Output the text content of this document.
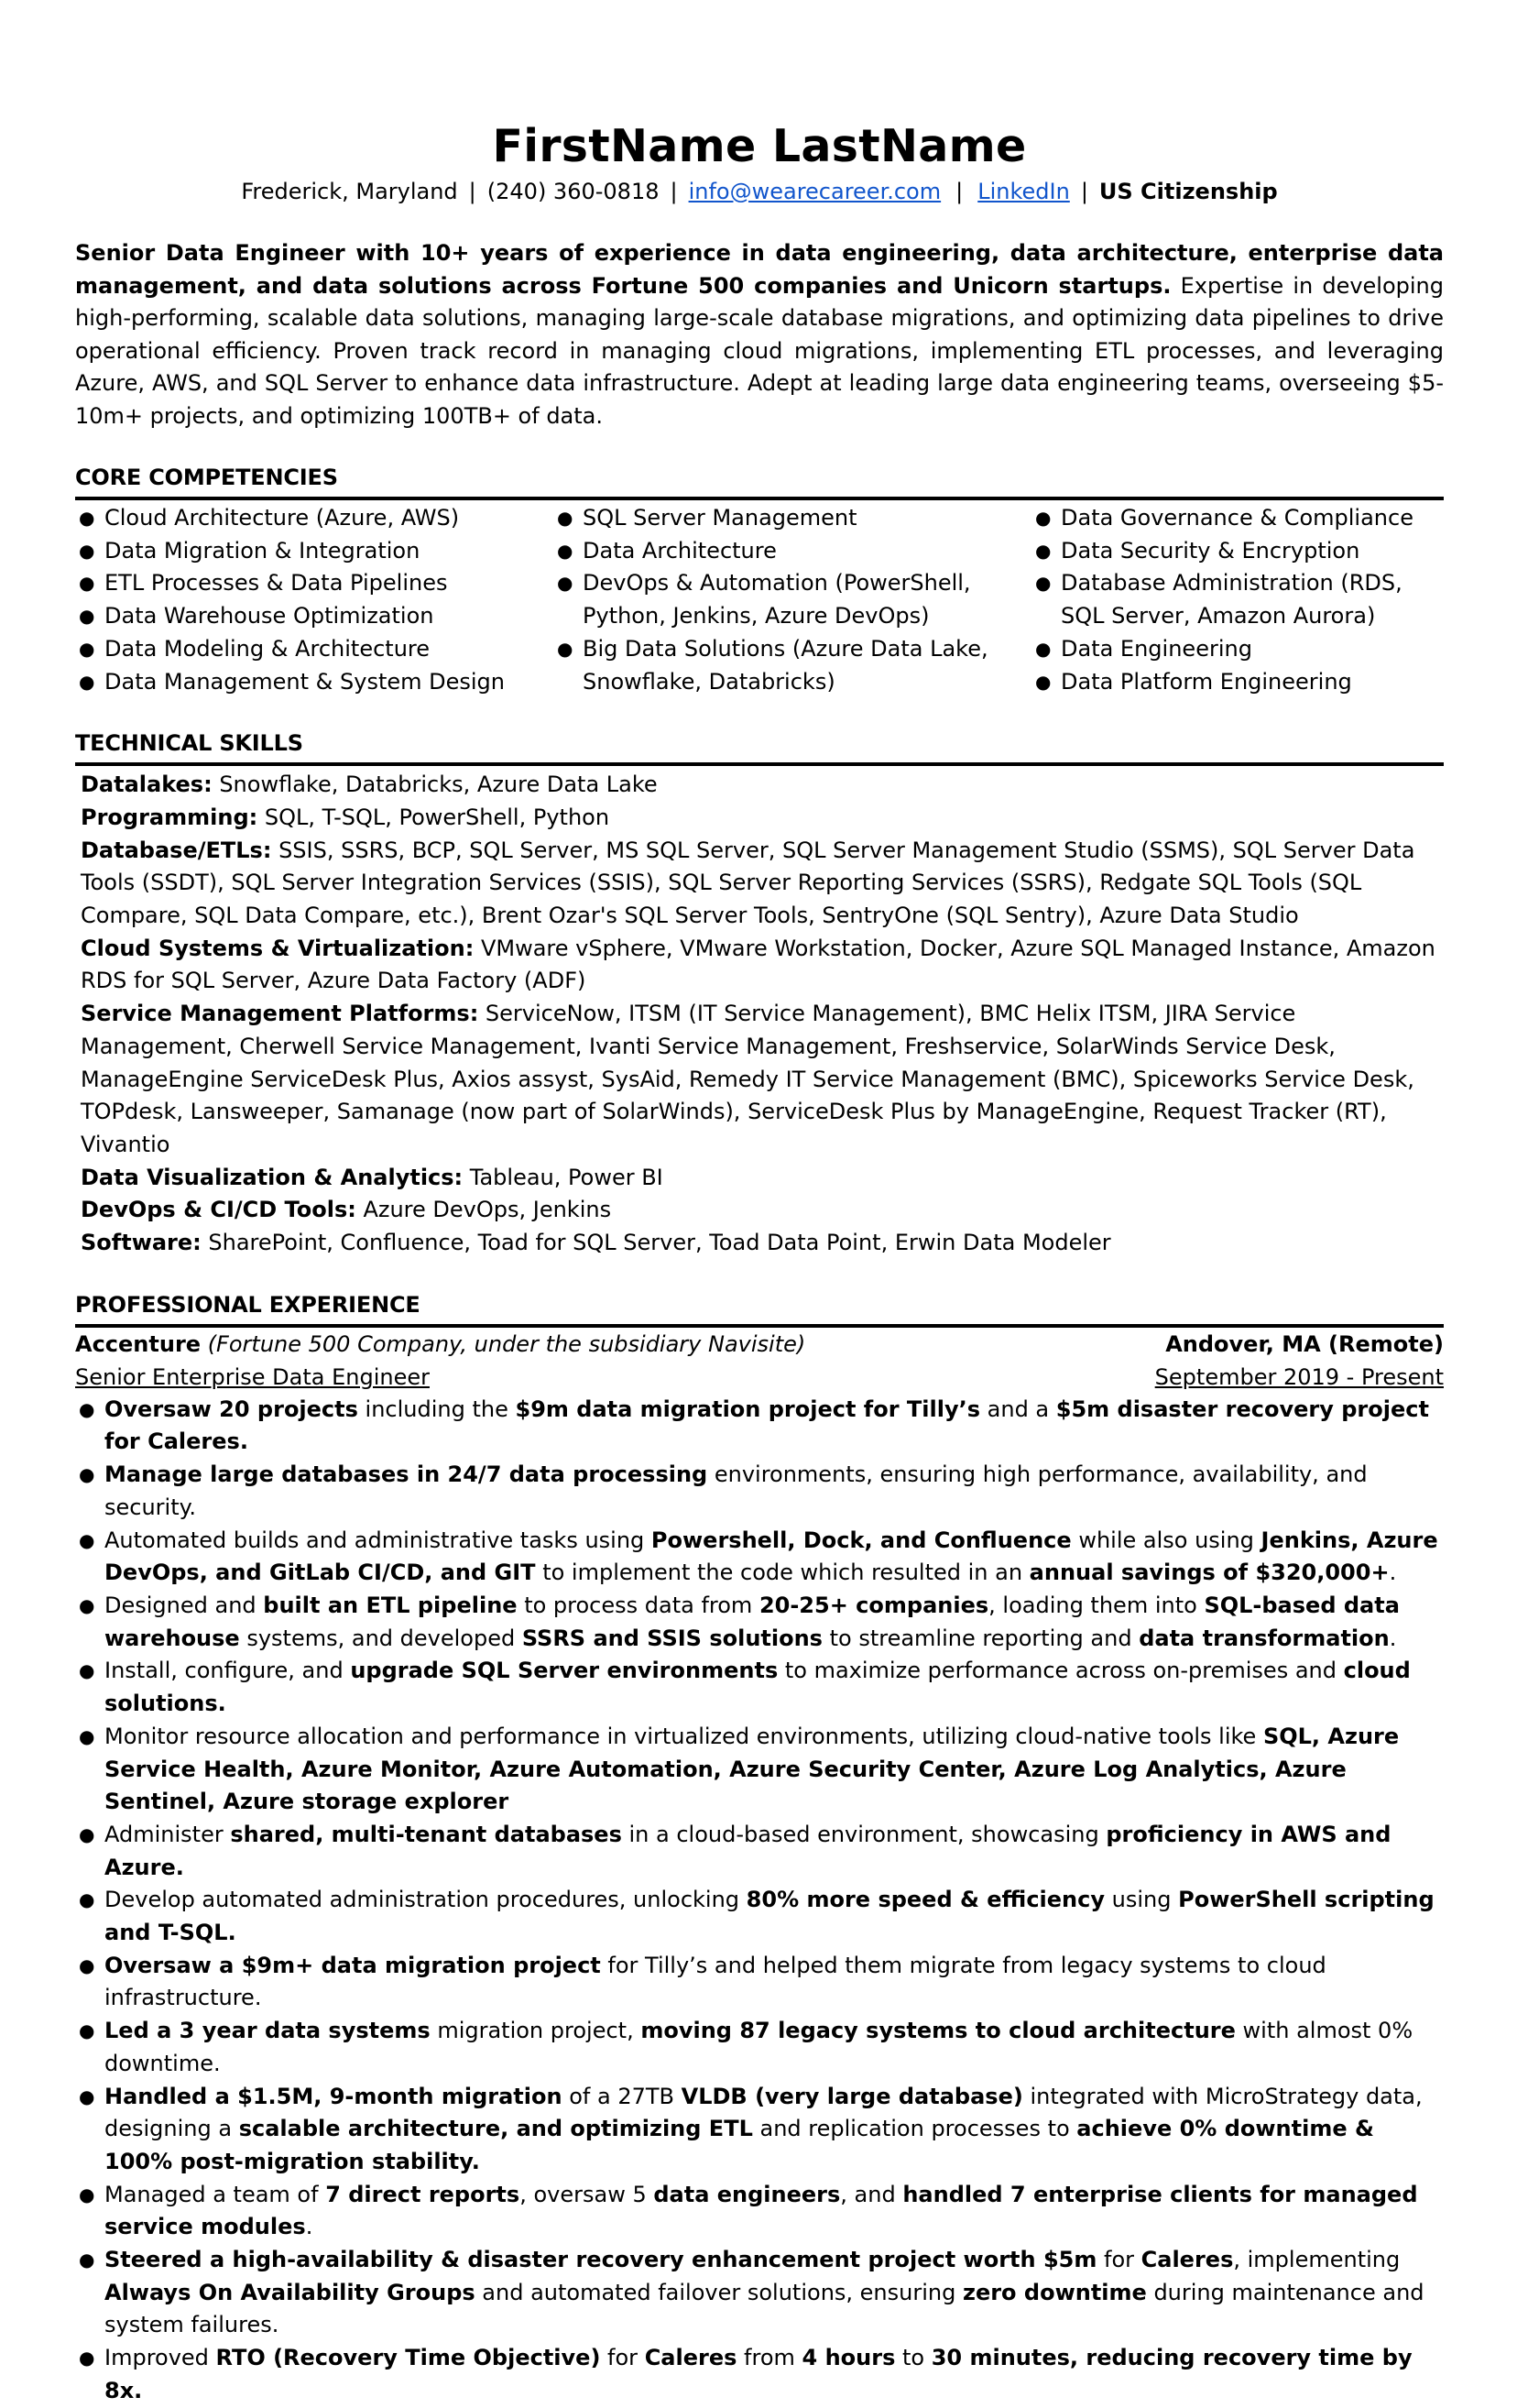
FirstName LastName
Frederick, Maryland | (240) 360-0818 | info@wearecareer.com | LinkedIn | US Citizenship
Senior Data Engineer with 10+ years of experience in data engineering, data architecture, enterprise data management, and data solutions across Fortune 500 companies and Unicorn startups. Expertise in developing high-performing, scalable data solutions, managing large-scale database migrations, and optimizing data pipelines to drive operational efficiency. Proven track record in managing cloud migrations, implementing ETL processes, and leveraging Azure, AWS, and SQL Server to enhance data infrastructure. Adept at leading large data engineering teams, overseeing $5-10m+ projects, and optimizing 100TB+ of data.
CORE COMPETENCIES
● Cloud Architecture (Azure, AWS)
● Data Migration & Integration
● ETL Processes & Data Pipelines
● Data Warehouse Optimization
● Data Modeling & Architecture
● Data Management & System Design
● SQL Server Management
● Data Architecture
● DevOps & Automation (PowerShell, Python, Jenkins, Azure DevOps)
● Big Data Solutions (Azure Data Lake, Snowflake, Databricks)
● Data Governance & Compliance
● Data Security & Encryption
● Database Administration (RDS, SQL Server, Amazon Aurora)
● Data Engineering
● Data Platform Engineering
TECHNICAL SKILLS

Datalakes: Snowflake, Databricks, Azure Data Lake

Programming: SQL, T-SQL, PowerShell, Python

Database/ETLs: SSIS, SSRS, BCP, SQL Server, MS SQL Server, SQL Server Management Studio (SSMS), SQL Server Data Tools (SSDT), SQL Server Integration Services (SSIS), SQL Server Reporting Services (SSRS), Redgate SQL Tools (SQL Compare, SQL Data Compare, etc.), Brent Ozar's SQL Server Tools, SentryOne (SQL Sentry), Azure Data Studio

Cloud Systems & Virtualization: VMware vSphere, VMware Workstation, Docker, Azure SQL Managed Instance, Amazon RDS for SQL Server, Azure Data Factory (ADF)

Service Management Platforms: ServiceNow, ITSM (IT Service Management), BMC Helix ITSM, JIRA Service Management, Cherwell Service Management, Ivanti Service Management, Freshservice, SolarWinds Service Desk, ManageEngine ServiceDesk Plus, Axios assyst, SysAid, Remedy IT Service Management (BMC), Spiceworks Service Desk, TOPdesk, Lansweeper, Samanage (now part of SolarWinds), ServiceDesk Plus by ManageEngine, Request Tracker (RT), Vivantio

Data Visualization & Analytics: Tableau, Power BI

DevOps & CI/CD Tools: Azure DevOps, Jenkins

Software: SharePoint, Confluence, Toad for SQL Server, Toad Data Point, Erwin Data Modeler

PROFESSIONAL EXPERIENCE
Accenture (Fortune 500 Company, under the subsidiary Navisite)	Andover, MA (Remote)
Senior Enterprise Data Engineer	September 2019 - Present
● Oversaw 20 projects including the $9m data migration project for Tilly’s and a $5m disaster recovery project for Caleres.
● Manage large databases in 24/7 data processing environments, ensuring high performance, availability, and security.
● Automated builds and administrative tasks using Powershell, Dock, and Confluence while also using Jenkins, Azure DevOps, and GitLab CI/CD, and GIT to implement the code which resulted in an annual savings of $320,000+.
● Designed and built an ETL pipeline to process data from 20-25+ companies, loading them into SQL-based data warehouse systems, and developed SSRS and SSIS solutions to streamline reporting and data transformation.
● Install, configure, and upgrade SQL Server environments to maximize performance across on-premises and cloud solutions.
● Monitor resource allocation and performance in virtualized environments, utilizing cloud-native tools like SQL, Azure Service Health, Azure Monitor, Azure Automation, Azure Security Center, Azure Log Analytics, Azure Sentinel, Azure storage explorer
● Administer shared, multi-tenant databases in a cloud-based environment, showcasing proficiency in AWS and Azure.
● Develop automated administration procedures, unlocking 80% more speed & efficiency using PowerShell scripting and T-SQL.
● Oversaw a $9m+ data migration project for Tilly’s and helped them migrate from legacy systems to cloud infrastructure.
● Led a 3 year data systems migration project, moving 87 legacy systems to cloud architecture with almost 0% downtime.
● Handled a $1.5M, 9-month migration of a 27TB VLDB (very large database) integrated with MicroStrategy data, designing a scalable architecture, and optimizing ETL and replication processes to achieve 0% downtime & 100% post-migration stability.
● Managed a team of 7 direct reports, oversaw 5 data engineers, and handled 7 enterprise clients for managed service modules.
● Steered a high-availability & disaster recovery enhancement project worth $5m for Caleres, implementing Always On Availability Groups and automated failover solutions, ensuring zero downtime during maintenance and system failures.
● Improved RTO (Recovery Time Objective) for Caleres from 4 hours to 30 minutes, reducing recovery time by 8x.
